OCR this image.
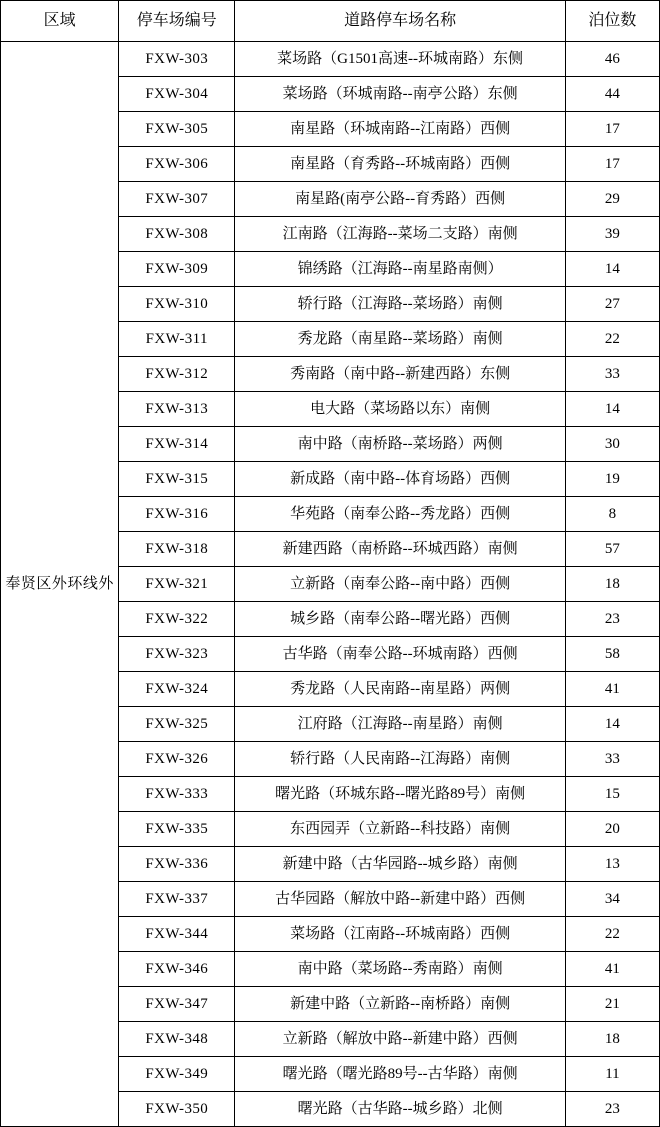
区域	停车场编号	道路停车场名称	泊位数
奉贤区外环线外	FXW-303	菜场路（G1501高速--环城南路）东侧	46
	FXW-304	菜场路（环城南路--南亭公路）东侧	44
	FXW-305	南星路（环城南路--江南路）西侧	17
	FXW-306	南星路（育秀路--环城南路）西侧	17
	FXW-307	南星路(南亭公路--育秀路）西侧	29
	FXW-308	江南路（江海路--菜场二支路）南侧	39
	FXW-309	锦绣路（江海路--南星路南侧）	14
	FXW-310	轿行路（江海路--菜场路）南侧	27
	FXW-311	秀龙路（南星路--菜场路）南侧	22
	FXW-312	秀南路（南中路--新建西路）东侧	33
	FXW-313	电大路（菜场路以东）南侧	14
	FXW-314	南中路（南桥路--菜场路）两侧	30
	FXW-315	新成路（南中路--体育场路）西侧	19
	FXW-316	华苑路（南奉公路--秀龙路）西侧	8
	FXW-318	新建西路（南桥路--环城西路）南侧	57
	FXW-321	立新路（南奉公路--南中路）西侧	18
	FXW-322	城乡路（南奉公路--曙光路）西侧	23
	FXW-323	古华路（南奉公路--环城南路）西侧	58
	FXW-324	秀龙路（人民南路--南星路）两侧	41
	FXW-325	江府路（江海路--南星路）南侧	14
	FXW-326	轿行路（人民南路--江海路）南侧	33
	FXW-333	曙光路（环城东路--曙光路89号）南侧	15
	FXW-335	东西园弄（立新路--科技路）南侧	20
	FXW-336	新建中路（古华园路--城乡路）南侧	13
	FXW-337	古华园路（解放中路--新建中路）西侧	34
	FXW-344	菜场路（江南路--环城南路）西侧	22
	FXW-346	南中路（菜场路--秀南路）南侧	41
	FXW-347	新建中路（立新路--南桥路）南侧	21
	FXW-348	立新路（解放中路--新建中路）西侧	18
	FXW-349	曙光路（曙光路89号--古华路）南侧	11
	FXW-350	曙光路（古华路--城乡路）北侧	23
